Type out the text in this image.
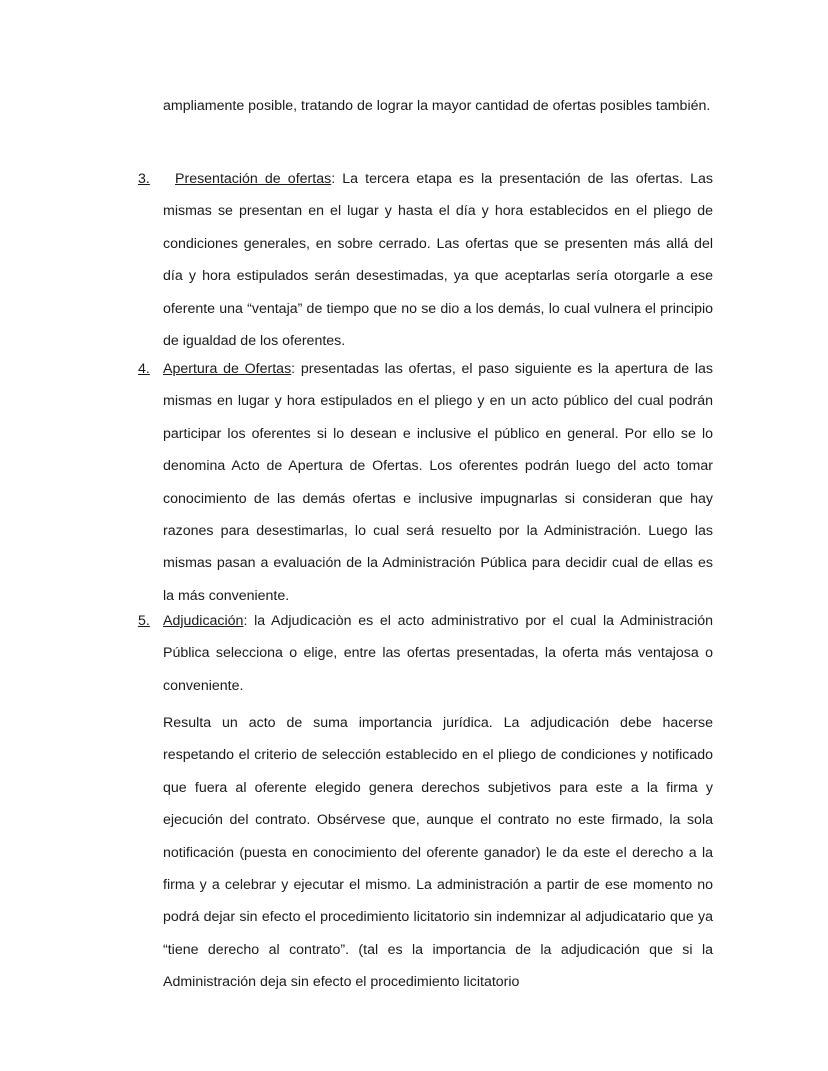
ampliamente posible, tratando de lograr la mayor cantidad de ofertas posibles también.

3.	Presentación de ofertas: La tercera etapa es la presentación de las ofertas. Las mismas se presentan en el lugar y hasta el día y hora establecidos en el pliego de condiciones generales, en sobre cerrado. Las ofertas que se presenten más allá del día y hora estipulados serán desestimadas, ya que aceptarlas sería otorgarle a ese oferente una “ventaja” de tiempo que no se dio a los demás, lo cual vulnera el principio de igualdad de los oferentes.

4. Apertura de Ofertas: presentadas las ofertas, el paso siguiente es la apertura de las mismas en lugar y hora estipulados en el pliego y en un acto público del cual podrán participar los oferentes si lo desean e inclusive el público en general. Por ello se lo denomina Acto de Apertura de Ofertas. Los oferentes podrán luego del acto tomar conocimiento de las demás ofertas e inclusive impugnarlas si consideran que hay razones para desestimarlas, lo cual será resuelto por la Administración. Luego las mismas pasan a evaluación de la Administración Pública para decidir cual de ellas es la más conveniente.

5. Adjudicación: la Adjudicaciòn es el acto administrativo por el cual la Administración Pública selecciona o elige, entre las ofertas presentadas, la oferta más ventajosa o conveniente.

Resulta un acto de suma importancia jurídica. La adjudicación debe hacerse respetando el criterio de selección establecido en el pliego de condiciones y notificado que fuera al oferente elegido genera derechos subjetivos para este a la firma y ejecución del contrato. Obsérvese que, aunque el contrato no este firmado, la sola notificación (puesta en conocimiento del oferente ganador) le da este el derecho a la firma y a celebrar y ejecutar el mismo. La administración a partir de ese momento no podrá dejar sin efecto el procedimiento licitatorio sin indemnizar al adjudicatario que ya “tiene derecho al contrato”. (tal es la importancia de la adjudicación que si la Administración deja sin efecto el procedimiento licitatorio
